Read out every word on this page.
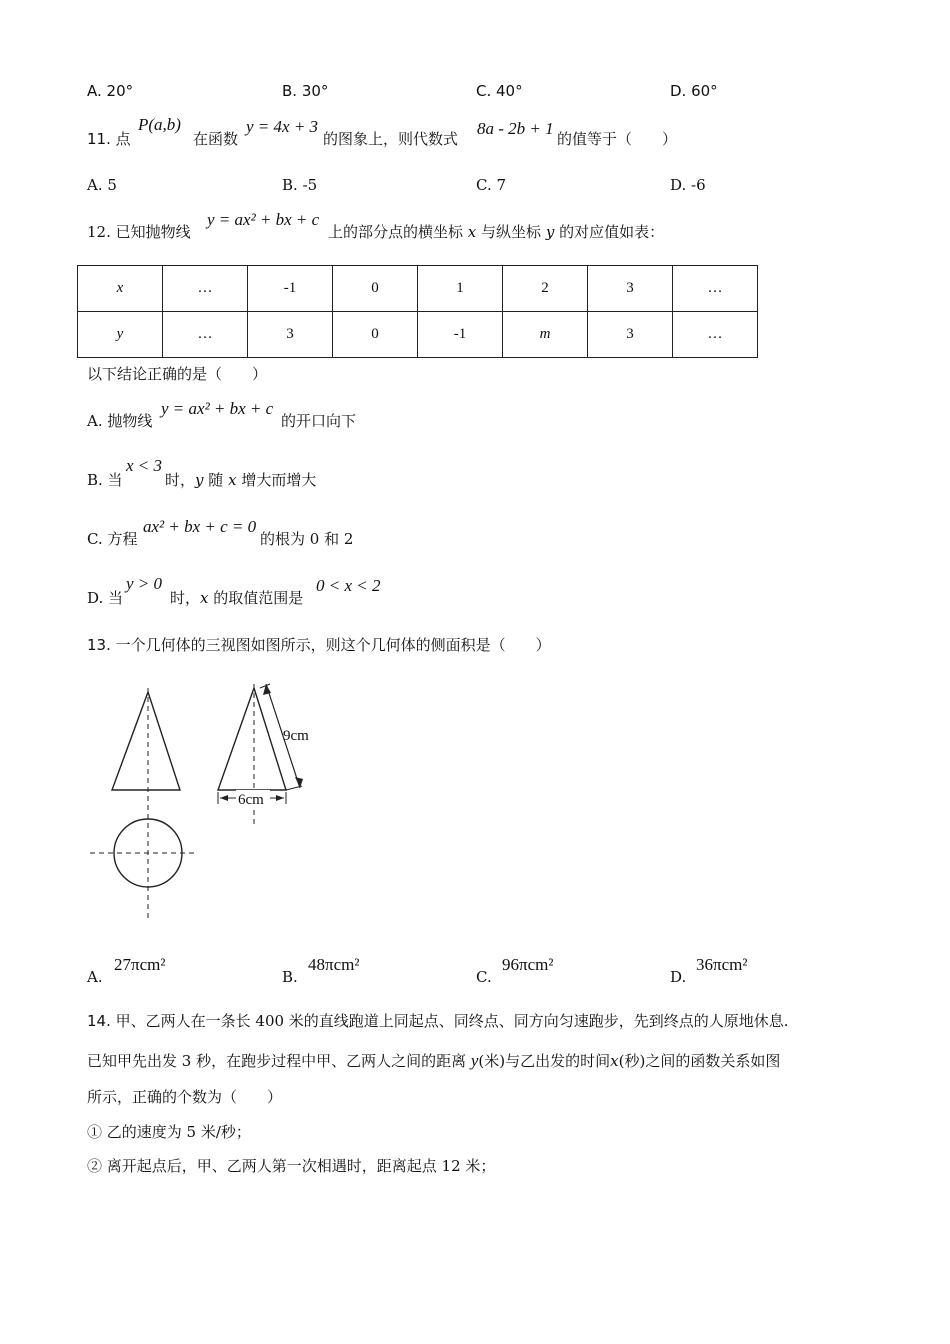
A. 20°	B. 30°	C. 40°	D. 60°
11. 点
P(a,b)
在函数
y = 4x + 3
的图象上，则代数式
8a - 2b + 1
的值等于（　　）
A. 5	B. -5	C. 7	D. -6
12. 已知抛物线
y = ax² + bx + c
上的部分点的横坐标 x 与纵坐标 y 的对应值如表：
x	…	-1	0	1	2	3	…
y	…	3	0	-1	m	3	…
以下结论正确的是（　　）
A. 抛物线
y = ax² + bx + c
的开口向下
B. 当
x < 3
时，y 随 x 增大而增大
C. 方程
ax² + bx + c = 0
的根为 0 和 2
D. 当
y > 0
时，x 的取值范围是
0 < x < 2
13. 一个几何体的三视图如图所示，则这个几何体的侧面积是（　　）
9cm
6cm
A.
27πcm²
B.
48πcm²
C.
96πcm²
D.
36πcm²
14. 甲、乙两人在一条长 400 米的直线跑道上同起点、同终点、同方向匀速跑步，先到终点的人原地休息.
已知甲先出发 3 秒，在跑步过程中甲、乙两人之间的距离 y(米)与乙出发的时间x(秒)之间的函数关系如图
所示，正确的个数为（　　）
① 乙的速度为 5 米/秒；
② 离开起点后，甲、乙两人第一次相遇时，距离起点 12 米；
